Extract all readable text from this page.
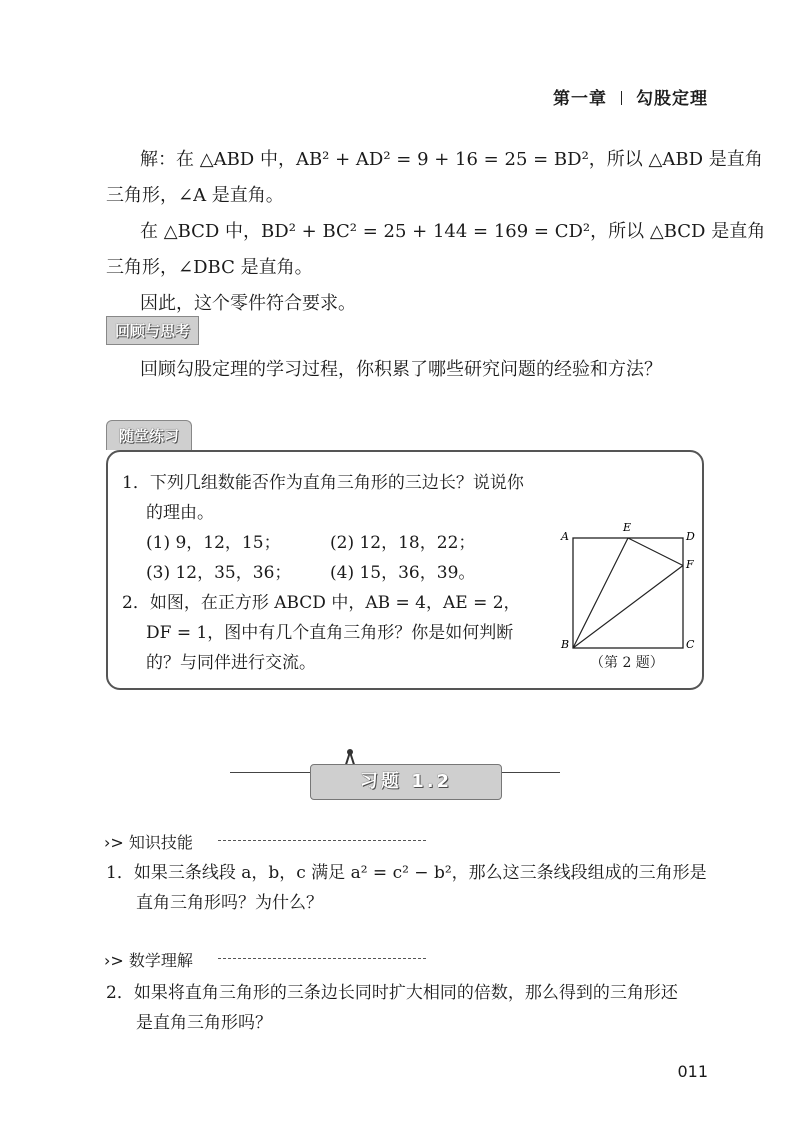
第一章 勾股定理
解：在 △ABD 中，AB² + AD² = 9 + 16 = 25 = BD²，所以 △ABD 是直角
三角形，∠A 是直角。
在 △BCD 中，BD² + BC² = 25 + 144 = 169 = CD²，所以 △BCD 是直角
三角形，∠DBC 是直角。
因此，这个零件符合要求。
回顾与思考
回顾勾股定理的学习过程，你积累了哪些研究问题的经验和方法？
随堂练习
1．下列几组数能否作为直角三角形的三边长？说说你
的理由。
(1) 9，12，15；	(2) 12，18，22；
(3) 12，35，36； (4) 15，36，39。
2．如图，在正方形 ABCD 中，AB = 4，AE = 2，
DF = 1，图中有几个直角三角形？你是如何判断
的？与同伴进行交流。
A
E
D
F
B	C
（第 2 题）
习题 1.2
›> 知识技能
1．如果三条线段 a，b，c 满足 a² = c² − b²，那么这三条线段组成的三角形是
直角三角形吗？为什么？
›> 数学理解
2．如果将直角三角形的三条边长同时扩大相同的倍数，那么得到的三角形还
是直角三角形吗？
011
